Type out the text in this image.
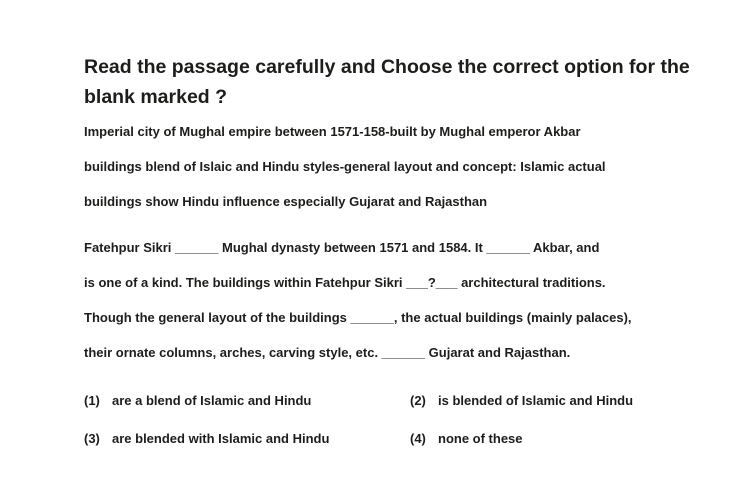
Read the passage carefully and Choose the correct option for the blank marked ?
Imperial city of Mughal empire between 1571-158-built by Mughal emperor Akbar
buildings blend of Islaic and Hindu styles-general layout and concept: Islamic actual
buildings show Hindu influence especially Gujarat and Rajasthan
Fatehpur Sikri ______ Mughal dynasty between 1571 and 1584. It ______ Akbar, and
is one of a kind. The buildings within Fatehpur Sikri ___?___ architectural traditions.
Though the general layout of the buildings ______, the actual buildings (mainly palaces),
their ornate columns, arches, carving style, etc. ______ Gujarat and Rajasthan.
(1) are a blend of Islamic and Hindu	(2) is blended of Islamic and Hindu
(3) are blended with Islamic and Hindu	(4) none of these
